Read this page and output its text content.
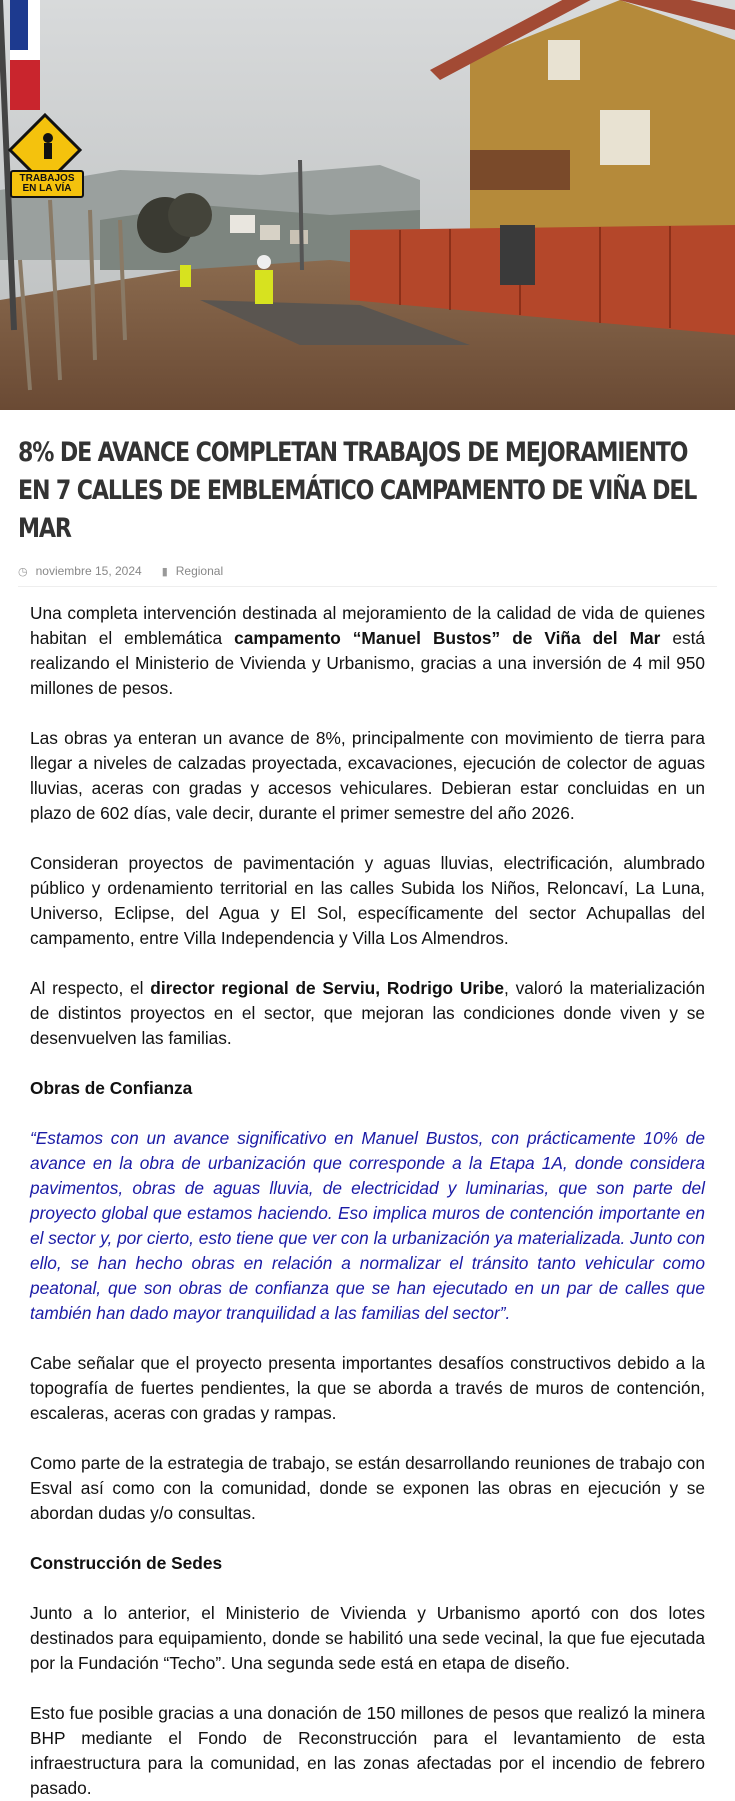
TRABAJOS
EN LA VÍA
8% DE AVANCE COMPLETAN TRABAJOS DE MEJORAMIENTO EN 7 CALLES DE EMBLEMÁTICO CAMPAMENTO DE VIÑA DEL MAR
◷ noviembre 15, 2024 ▮ Regional

Una completa intervención destinada al mejoramiento de la calidad de vida de quienes habitan el emblemática campamento “Manuel Bustos” de Viña del Mar está realizando el Ministerio de Vivienda y Urbanismo, gracias a una inversión de 4 mil 950 millones de pesos.

Las obras ya enteran un avance de 8%, principalmente con movimiento de tierra para llegar a niveles de calzadas proyectada, excavaciones, ejecución de colector de aguas lluvias, aceras con gradas y accesos vehiculares. Debieran estar concluidas en un plazo de 602 días, vale decir, durante el primer semestre del año 2026.

Consideran proyectos de pavimentación y aguas lluvias, electrificación, alumbrado público y ordenamiento territorial en las calles Subida los Niños, Reloncaví, La Luna, Universo, Eclipse, del Agua y El Sol, específicamente del sector Achupallas del campamento, entre Villa Independencia y Villa Los Almendros.

Al respecto, el director regional de Serviu, Rodrigo Uribe, valoró la materialización de distintos proyectos en el sector, que mejoran las condiciones donde viven y se desenvuelven las familias.

Obras de Confianza

“Estamos con un avance significativo en Manuel Bustos, con prácticamente 10% de avance en la obra de urbanización que corresponde a la Etapa 1A, donde considera pavimentos, obras de aguas lluvia, de electricidad y luminarias, que son parte del proyecto global que estamos haciendo. Eso implica muros de contención importante en el sector y, por cierto, esto tiene que ver con la urbanización ya materializada. Junto con ello, se han hecho obras en relación a normalizar el tránsito tanto vehicular como peatonal, que son obras de confianza que se han ejecutado en un par de calles que también han dado mayor tranquilidad a las familias del sector”.

Cabe señalar que el proyecto presenta importantes desafíos constructivos debido a la topografía de fuertes pendientes, la que se aborda a través de muros de contención, escaleras, aceras con gradas y rampas.

Como parte de la estrategia de trabajo, se están desarrollando reuniones de trabajo con Esval así como con la comunidad, donde se exponen las obras en ejecución y se abordan dudas y/o consultas.

Construcción de Sedes

Junto a lo anterior, el Ministerio de Vivienda y Urbanismo aportó con dos lotes destinados para equipamiento, donde se habilitó una sede vecinal, la que fue ejecutada por la Fundación “Techo”. Una segunda sede está en etapa de diseño.

Esto fue posible gracias a una donación de 150 millones de pesos que realizó la minera BHP mediante el Fondo de Reconstrucción para el levantamiento de esta infraestructura para la comunidad, en las zonas afectadas por el incendio de febrero pasado.
